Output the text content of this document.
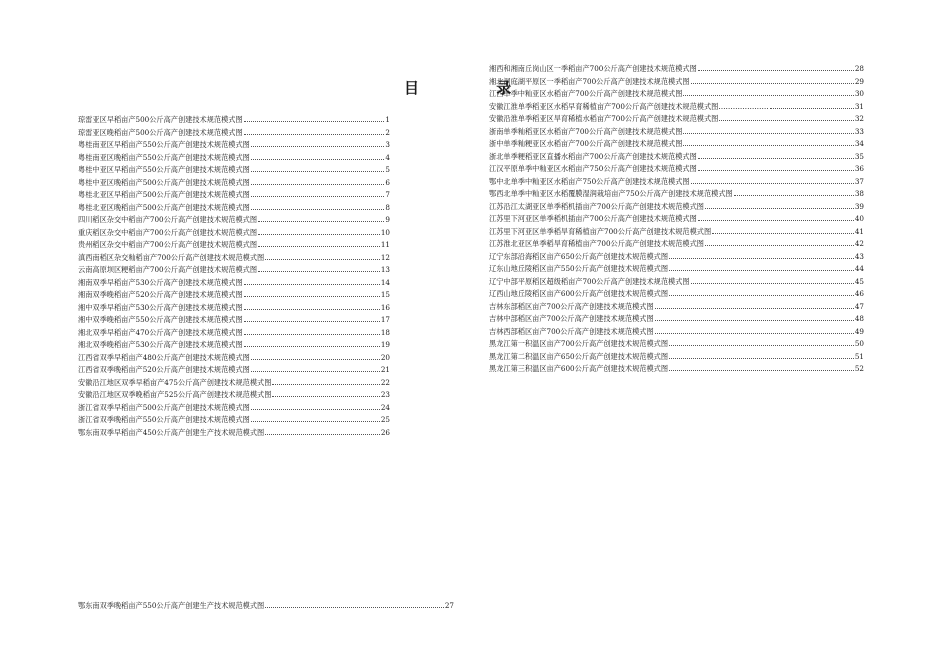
目 录
琼雷亚区早稻亩产500公斤高产创建技术规范模式图	1
琼雷亚区晚稻亩产500公斤高产创建技术规范模式图	2
粤桂南亚区早稻亩产550公斤高产创建技术规范模式图	3
粤桂南亚区晚稻亩产550公斤高产创建技术规范模式图	4
粤桂中亚区早稻亩产550公斤高产创建技术规范模式图	5
粤桂中亚区晚稻亩产500公斤高产创建技术规范模式图	6
粤桂北亚区早稻亩产500公斤高产创建技术规范模式图	7
粤桂北亚区晚稻亩产500公斤高产创建技术规范模式图	8
四川稻区杂交中稻亩产700公斤高产创建技术规范模式图	9
重庆稻区杂交中稻亩产700公斤高产创建技术规范模式图	10
贵州稻区杂交中稻亩产700公斤高产创建技术规范模式图	11
滇西南稻区杂交籼稻亩产700公斤高产创建技术规范模式图	12
云南高原坝区粳稻亩产700公斤高产创建技术规范模式图	13
湘南双季早稻亩产530公斤高产创建技术规范模式图	14
湘南双季晚稻亩产520公斤高产创建技术规范模式图	15
湘中双季早稻亩产530公斤高产创建技术规范模式图	16
湘中双季晚稻亩产550公斤高产创建技术规范模式图	17
湘北双季早稻亩产470公斤高产创建技术规范模式图	18
湘北双季晚稻亩产530公斤高产创建技术规范模式图	19
江西省双季早稻亩产480公斤高产创建技术规范模式图	20
江西省双季晚稻亩产520公斤高产创建技术规范模式图	21
安徽沿江地区双季早稻亩产475公斤高产创建技术规范模式图	22
安徽沿江地区双季晚稻亩产525公斤高产创建技术规范模式图	23
浙江省双季早稻亩产500公斤高产创建技术规范模式图	24
浙江省双季晚稻亩产550公斤高产创建技术规范模式图	25
鄂东南双季早稻亩产450公斤高产创建生产技术规范模式图	26
湘西和湘南丘岗山区一季稻亩产700公斤高产创建技术规范模式图	28
湘北洞庭湖平原区一季稻亩产700公斤高产创建技术规范模式图	29
江西单季中籼亚区水稻亩产700公斤高产创建技术规范模式图	30
安徽江淮单季稻亚区水稻早育稀植亩产700公斤高产创建技术规范模式图…………………	31
安徽沿淮单季稻亚区旱育稀植水稻亩产700公斤高产创建技术规范模式图	32
浙南单季籼稻亚区水稻亩产700公斤高产创建技术规范模式图	33
浙中单季籼粳亚区水稻亩产700公斤高产创建技术规范模式图	34
浙北单季粳稻亚区直播水稻亩产700公斤高产创建技术规范模式图	35
江汉平原单季中籼亚区水稻亩产750公斤高产创建技术规范模式图	36
鄂中北单季中籼亚区水稻亩产750公斤高产创建技术规范模式图	37
鄂西北单季中籼亚区水稻覆膜湿润栽培亩产750公斤高产创建技术规范模式图	38
江苏沿江太湖亚区单季稻机插亩产700公斤高产创建技术规范模式图	39
江苏里下河亚区单季稻机插亩产700公斤高产创建技术规范模式图	40
江苏里下河亚区单季稻旱育稀植亩产700公斤高产创建技术规范模式图	41
江苏淮北亚区单季稻旱育稀植亩产700公斤高产创建技术规范模式图	42
辽宁东部沿海稻区亩产650公斤高产创建技术规范模式图	43
辽东山地丘陵稻区亩产550公斤高产创建技术规范模式图	44
辽宁中部平原稻区超级稻亩产700公斤高产创建技术规范模式图	45
辽西山地丘陵稻区亩产600公斤高产创建技术规范模式图	46
吉林东部稻区亩产700公斤高产创建技术规范模式图	47
吉林中部稻区亩产700公斤高产创建技术规范模式图	48
吉林西部稻区亩产700公斤高产创建技术规范模式图	49
黑龙江第一积温区亩产700公斤高产创建技术规范模式图	50
黑龙江第二积温区亩产650公斤高产创建技术规范模式图	51
黑龙江第三积温区亩产600公斤高产创建技术规范模式图	52
鄂东南双季晚稻亩产550公斤高产创建生产技术规范模式图	27
